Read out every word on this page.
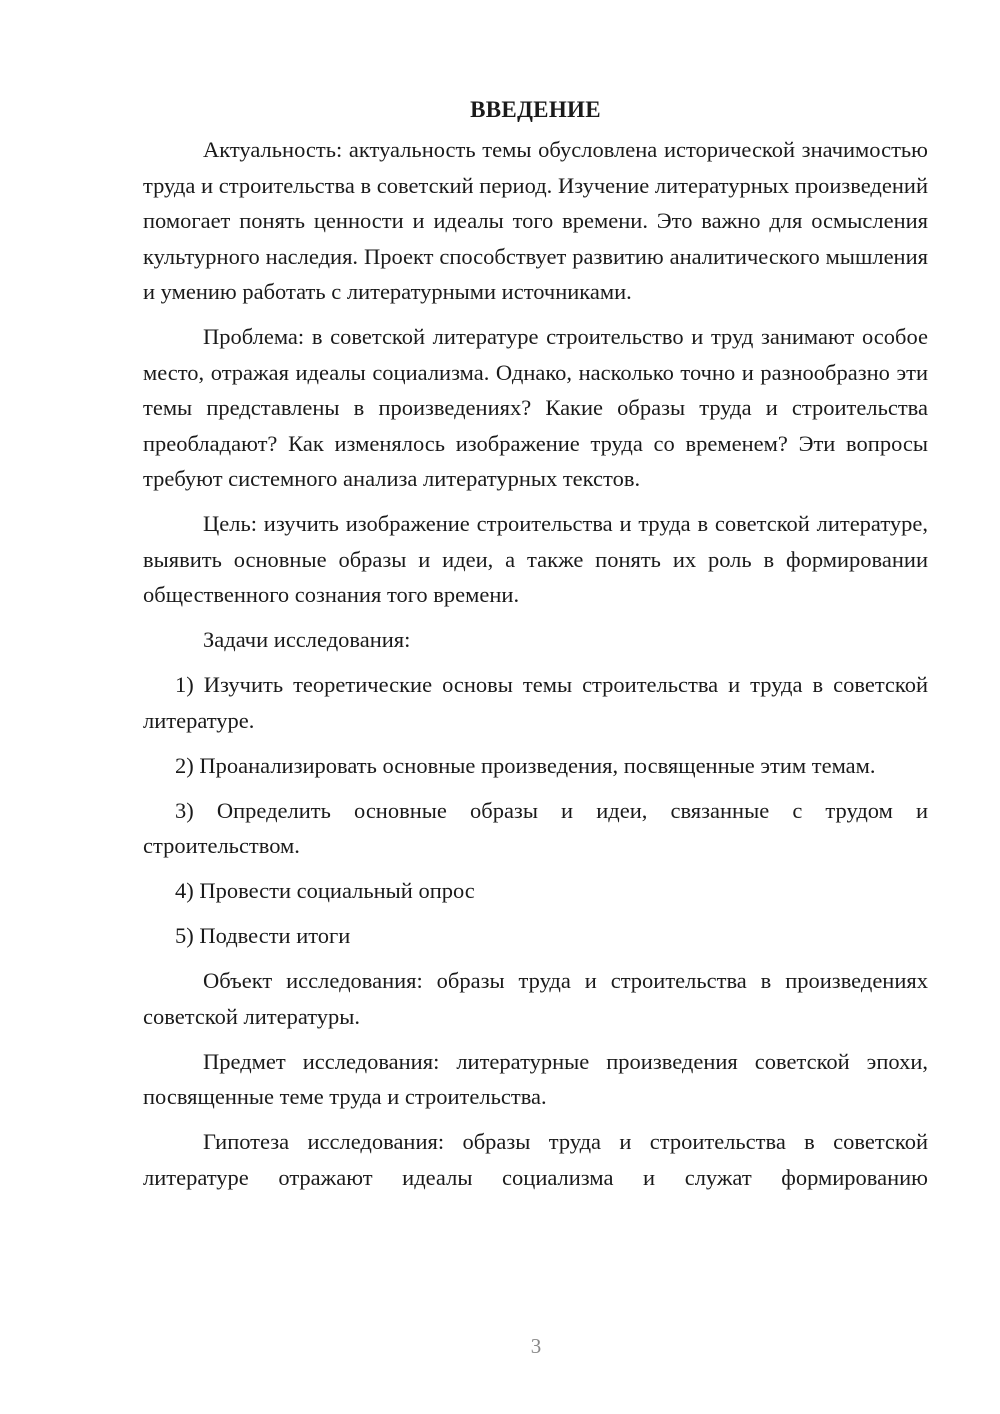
ВВЕДЕНИЕ

Актуальность: актуальность темы обусловлена исторической значимостью труда и строительства в советский период. Изучение литературных произведений помогает понять ценности и идеалы того времени. Это важно для осмысления культурного наследия. Проект способствует развитию аналитического мышления и умению работать с литературными источниками.

Проблема: в советской литературе строительство и труд занимают особое место, отражая идеалы социализма. Однако, насколько точно и разнообразно эти темы представлены в произведениях? Какие образы труда и строительства преобладают? Как изменялось изображение труда со временем? Эти вопросы требуют системного анализа литературных текстов.

Цель: изучить изображение строительства и труда в советской литературе, выявить основные образы и идеи, а также понять их роль в формировании общественного сознания того времени.

Задачи исследования:

1) Изучить теоретические основы темы строительства и труда в советской литературе.

2) Проанализировать основные произведения, посвященные этим темам.

3) Определить основные образы и идеи, связанные с трудом и строительством.

4) Провести социальный опрос

5) Подвести итоги

Объект исследования: образы труда и строительства в произведениях советской литературы.

Предмет исследования: литературные произведения советской эпохи, посвященные теме труда и строительства.

Гипотеза исследования: образы труда и строительства в советской литературе отражают идеалы социализма и служат формированию

3
